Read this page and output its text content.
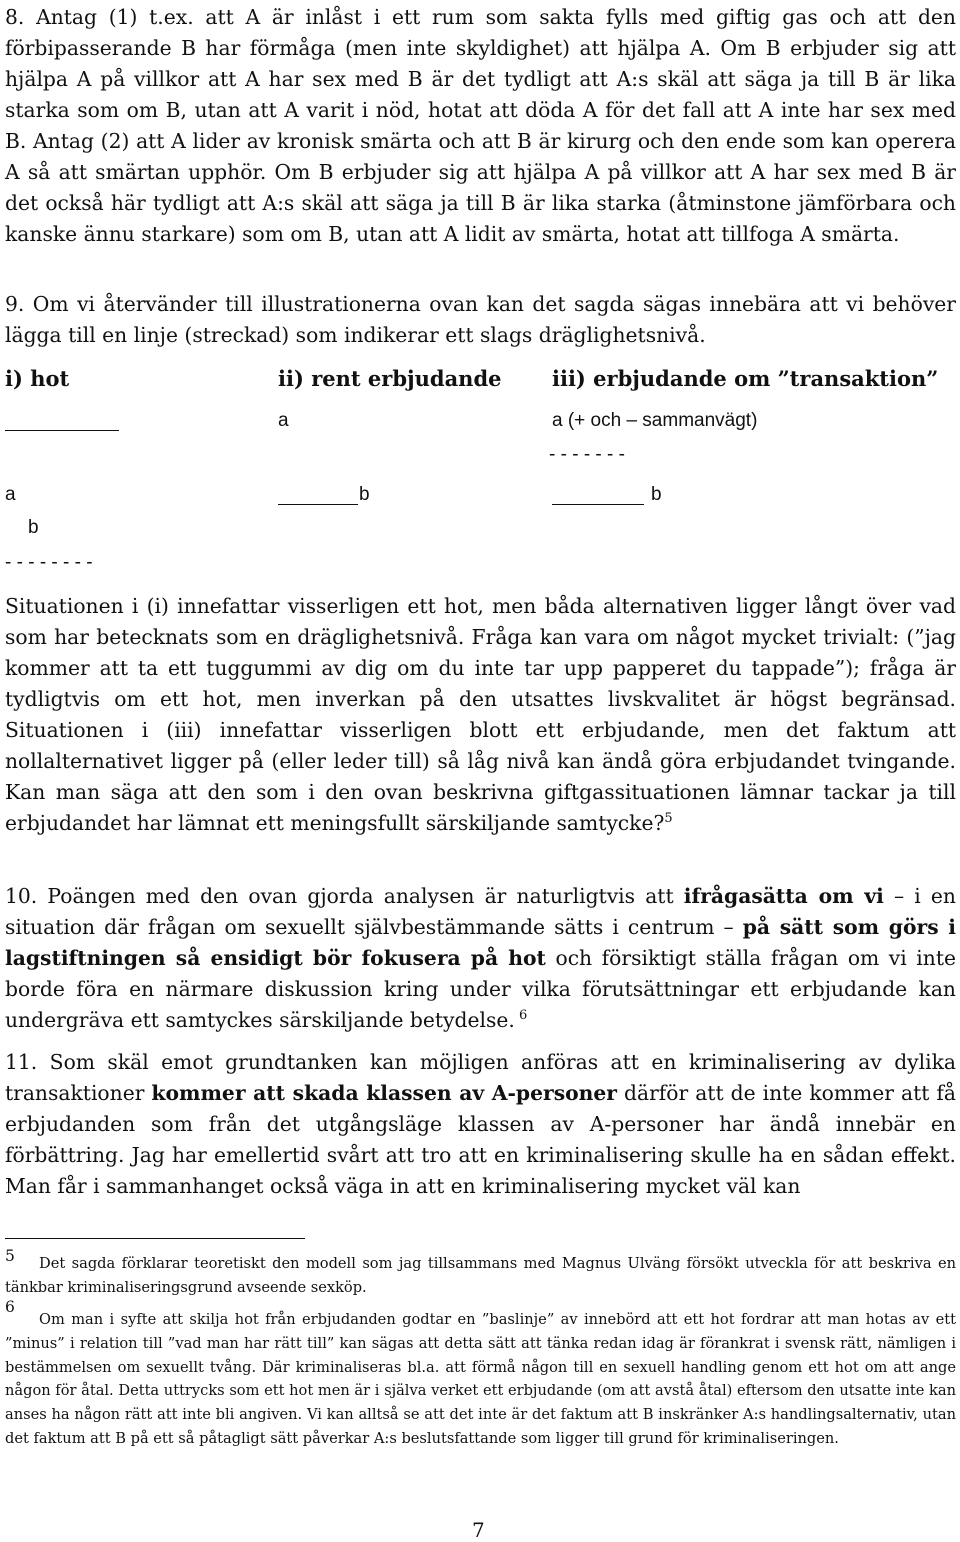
8. Antag (1) t.ex. att A är inlåst i ett rum som sakta fylls med giftig gas och att den förbipasserande B har förmåga (men inte skyldighet) att hjälpa A. Om B erbjuder sig att hjälpa A på villkor att A har sex med B är det tydligt att A:s skäl att säga ja till B är lika starka som om B, utan att A varit i nöd, hotat att döda A för det fall att A inte har sex med B. Antag (2) att A lider av kronisk smärta och att B är kirurg och den ende som kan operera A så att smärtan upphör. Om B erbjuder sig att hjälpa A på villkor att A har sex med B är det också här tydligt att A:s skäl att säga ja till B är lika starka (åtminstone jämförbara och kanske ännu starkare) som om B, utan att A lidit av smärta, hotat att tillfoga A smärta.
9. Om vi återvänder till illustrationerna ovan kan det sagda sägas innebära att vi behöver lägga till en linje (streckad) som indikerar ett slags dräglighetsnivå.
i) hot	ii) rent erbjudande iii) erbjudande om ”transaktion”
a
b
- - - - - - - -
a
b
a (+ och – sammanvägt)
- - - - - - -
b
Situationen i (i) innefattar visserligen ett hot, men båda alternativen ligger långt över vad som har betecknats som en dräglighetsnivå. Fråga kan vara om något mycket trivialt: (”jag kommer att ta ett tuggummi av dig om du inte tar upp papperet du tappade”); fråga är tydligtvis om ett hot, men inverkan på den utsattes livskvalitet är högst begränsad. Situationen i (iii) innefattar visserligen blott ett erbjudande, men det faktum att nollalternativet ligger på (eller leder till) så låg nivå kan ändå göra erbjudandet tvingande. Kan man säga att den som i den ovan beskrivna giftgassituationen lämnar tackar ja till erbjudandet har lämnat ett meningsfullt särskiljande samtycke?$^5$
10. Poängen med den ovan gjorda analysen är naturligtvis att ifrågasätta om vi – i en situation där frågan om sexuellt självbestämmande sätts i centrum – på sätt som görs i lagstiftningen så ensidigt bör fokusera på hot och försiktigt ställa frågan om vi inte borde föra en närmare diskussion kring under vilka förutsättningar ett erbjudande kan undergräva ett samtyckes särskiljande betydelse. $^6$
11. Som skäl emot grundtanken kan möjligen anföras att en kriminalisering av dylika transaktioner kommer att skada klassen av A-personer därför att de inte kommer att få erbjudanden som från det utgångsläge klassen av A-personer har ändå innebär en förbättring. Jag har emellertid svårt att tro att en kriminalisering skulle ha en sådan effekt. Man får i sammanhanget också väga in att en kriminalisering mycket väl kan
Det sagda förklarar teoretiskt den modell som jag tillsammans med Magnus Ulväng försökt utveckla för att beskriva en tänkbar kriminaliseringsgrund avseende sexköp.
5
Om man i syfte att skilja hot från erbjudanden godtar en ”baslinje” av innebörd att ett hot fordrar att man hotas av ett ”minus” i relation till ”vad man har rätt till” kan sägas att detta sätt att tänka redan idag är förankrat i svensk rätt, nämligen i bestämmelsen om sexuellt tvång. Där kriminaliseras bl.a. att förmå någon till en sexuell handling genom ett hot om att ange någon för åtal. Detta uttrycks som ett hot men är i själva verket ett erbjudande (om att avstå åtal) eftersom den utsatte inte kan anses ha någon rätt att inte bli angiven. Vi kan alltså se att det inte är det faktum att B inskränker A:s handlingsalternativ, utan det faktum att B på ett så påtagligt sätt påverkar A:s beslutsfattande som ligger till grund för kriminaliseringen.
6
7
